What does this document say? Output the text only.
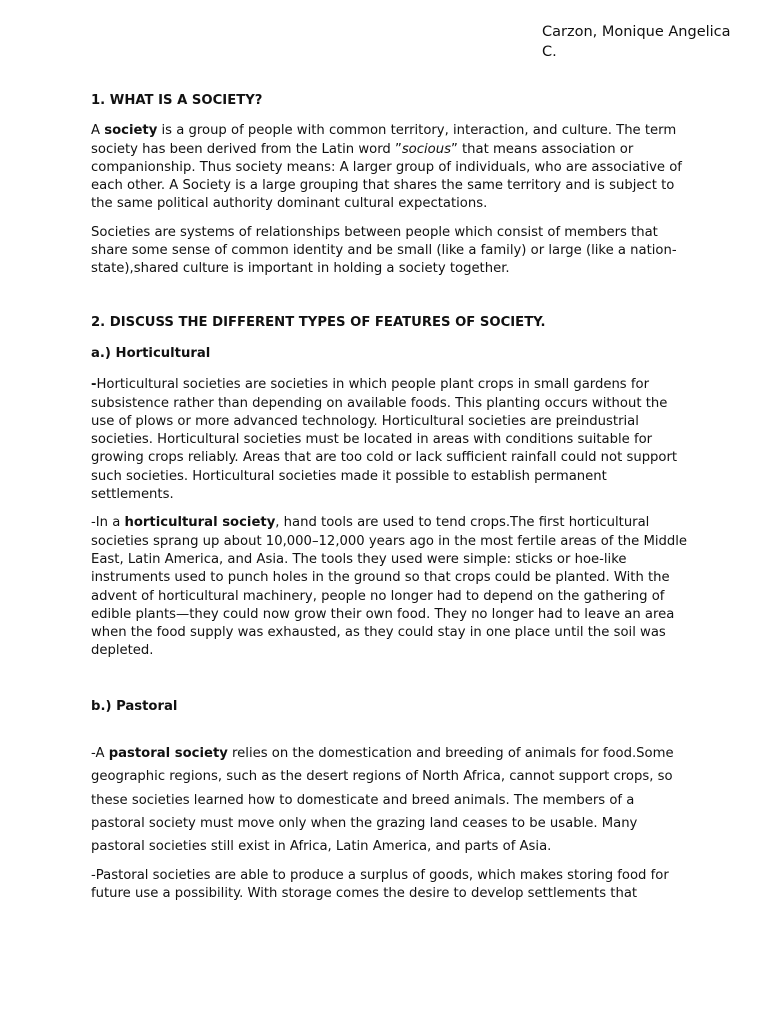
Carzon, Monique Angelica
C.

1. WHAT IS A SOCIETY?

A society is a group of people with common territory, interaction, and culture. The term society has been derived from the Latin word ”socious” that means association or companionship. Thus society means: A larger group of individuals, who are associative of each other. A Society is a large grouping that shares the same territory and is subject to the same political authority dominant cultural expectations.

Societies are systems of relationships between people which consist of members that share some sense of common identity and be small (like a family) or large (like a nation-state),shared culture is important in holding a society together.

2. DISCUSS THE DIFFERENT TYPES OF FEATURES OF SOCIETY.

a.) Horticultural

-Horticultural societies are societies in which people plant crops in small gardens for subsistence rather than depending on available foods. This planting occurs without the use of plows or more advanced technology. Horticultural societies are preindustrial societies. Horticultural societies must be located in areas with conditions suitable for growing crops reliably. Areas that are too cold or lack sufficient rainfall could not support such societies. Horticultural societies made it possible to establish permanent settlements.

-In a horticultural society, hand tools are used to tend crops.The first horticultural societies sprang up about 10,000–12,000 years ago in the most fertile areas of the Middle East, Latin America, and Asia. The tools they used were simple: sticks or hoe-like instruments used to punch holes in the ground so that crops could be planted. With the advent of horticultural machinery, people no longer had to depend on the gathering of edible plants—they could now grow their own food. They no longer had to leave an area when the food supply was exhausted, as they could stay in one place until the soil was depleted.

b.) Pastoral

-A pastoral society relies on the domestication and breeding of animals for food.Some geographic regions, such as the desert regions of North Africa, cannot support crops, so these societies learned how to domesticate and breed animals. The members of a pastoral society must move only when the grazing land ceases to be usable. Many pastoral societies still exist in Africa, Latin America, and parts of Asia.

-Pastoral societies are able to produce a surplus of goods, which makes storing food for future use a possibility. With storage comes the desire to develop settlements that
